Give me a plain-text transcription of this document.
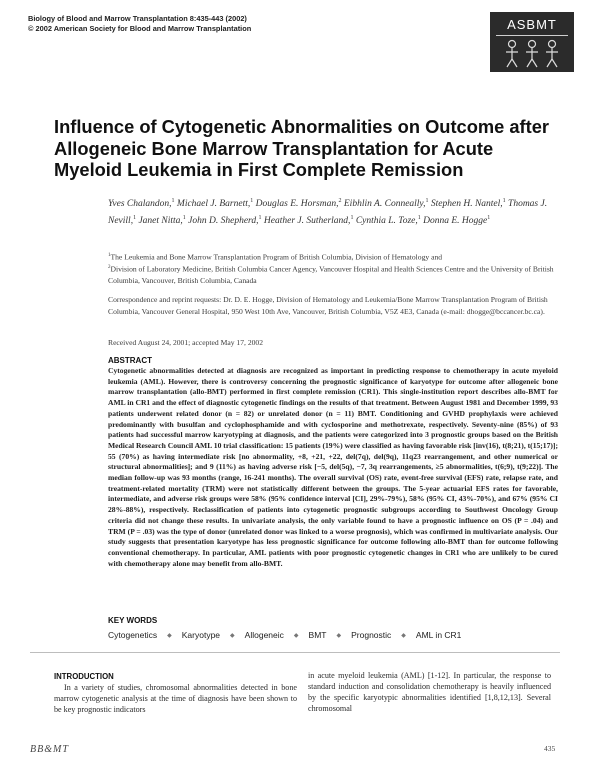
Biology of Blood and Marrow Transplantation 8:435-443 (2002)
© 2002 American Society for Blood and Marrow Transplantation	ASBMT
Influence of Cytogenetic Abnormalities on Outcome after Allogeneic Bone Marrow Transplantation for Acute Myeloid Leukemia in First Complete Remission
Yves Chalandon,$^1$ Michael J. Barnett,$^1$ Douglas E. Horsman,$^2$ Eibhlin A. Conneally,$^1$ Stephen H. Nantel,$^1$ Thomas J. Nevill,$^1$ Janet Nitta,$^1$ John D. Shepherd,$^1$ Heather J. Sutherland,$^1$ Cynthia L. Toze,$^1$ Donna E. Hogge$^1$
$^1$The Leukemia and Bone Marrow Transplantation Program of British Columbia, Division of Hematology and
$^2$Division of Laboratory Medicine, British Columbia Cancer Agency, Vancouver Hospital and Health Sciences Centre and the University of British Columbia, Vancouver, British Columbia, Canada
Correspondence and reprint requests: Dr. D. E. Hogge, Division of Hematology and Leukemia/Bone Marrow Transplantation Program of British Columbia, Vancouver General Hospital, 950 West 10th Ave, Vancouver, British Columbia, V5Z 4E3, Canada (e-mail: dhogge@bccancer.bc.ca).
Received August 24, 2001; accepted May 17, 2002
ABSTRACT

Cytogenetic abnormalities detected at diagnosis are recognized as important in predicting response to chemotherapy in acute myeloid leukemia (AML). However, there is controversy concerning the prognostic significance of karyotype for outcome after allogeneic bone marrow transplantation (allo-BMT) performed in first complete remission (CR1). This single-institution report describes allo-BMT for AML in CR1 and the effect of diagnostic cytogenetic findings on the results of that treatment. Between August 1981 and December 1999, 93 patients underwent related donor (n = 82) or unrelated donor (n = 11) BMT. Conditioning and GVHD prophylaxis were achieved predominantly with busulfan and cyclophosphamide and with cyclosporine and methotrexate, respectively. Seventy-nine (85%) of 93 patients had successful marrow karyotyping at diagnosis, and the patients were categorized into 3 prognostic groups based on the British Medical Research Council AML 10 trial classification: 15 patients (19%) were classified as having favorable risk [inv(16), t(8;21), t(15;17)]; 55 (70%) as having intermediate risk [no abnormality, +8, +21, +22, del(7q), del(9q), 11q23 rearrangement, and other numerical or structural abnormalities]; and 9 (11%) as having adverse risk [−5, del(5q), −7, 3q rearrangements, ≥5 abnormalities, t(6;9), t(9;22)]. The median follow-up was 93 months (range, 16-241 months). The overall survival (OS) rate, event-free survival (EFS) rate, relapse rate, and treatment-related mortality (TRM) were not statistically different between the groups. The 5-year actuarial EFS rates for favorable, intermediate, and adverse risk groups were 58% (95% confidence interval [CI], 29%-79%), 58% (95% CI, 43%-70%), and 67% (95% CI 28%-88%), respectively. Reclassification of patients into cytogenetic prognostic subgroups according to Southwest Oncology Group criteria did not change these results. In univariate analysis, the only variable found to have a prognostic influence on OS (P = .04) and TRM (P = .03) was the type of donor (unrelated donor was linked to a worse prognosis), which was confirmed in multivariate analysis. Our study suggests that presentation karyotype has less prognostic significance for outcome following allo-BMT than for outcome following conventional chemotherapy. In particular, AML patients with poor prognostic cytogenetic changes in CR1 who are unlikely to be cured with chemotherapy alone may benefit from allo-BMT.

KEY WORDS
Cytogenetics ◆ Karyotype ◆ Allogeneic ◆ BMT ◆ Prognostic ◆ AML in CR1
INTRODUCTION

In a variety of studies, chromosomal abnormalities detected in bone marrow cytogenetic analysis at the time of diagnosis have been shown to be key prognostic indicators

in acute myeloid leukemia (AML) [1-12]. In particular, the response to standard induction and consolidation chemotherapy is heavily influenced by the specific karyotypic abnormalities identified [1,8,12,13]. Several chromosomal

BB&MT	435
